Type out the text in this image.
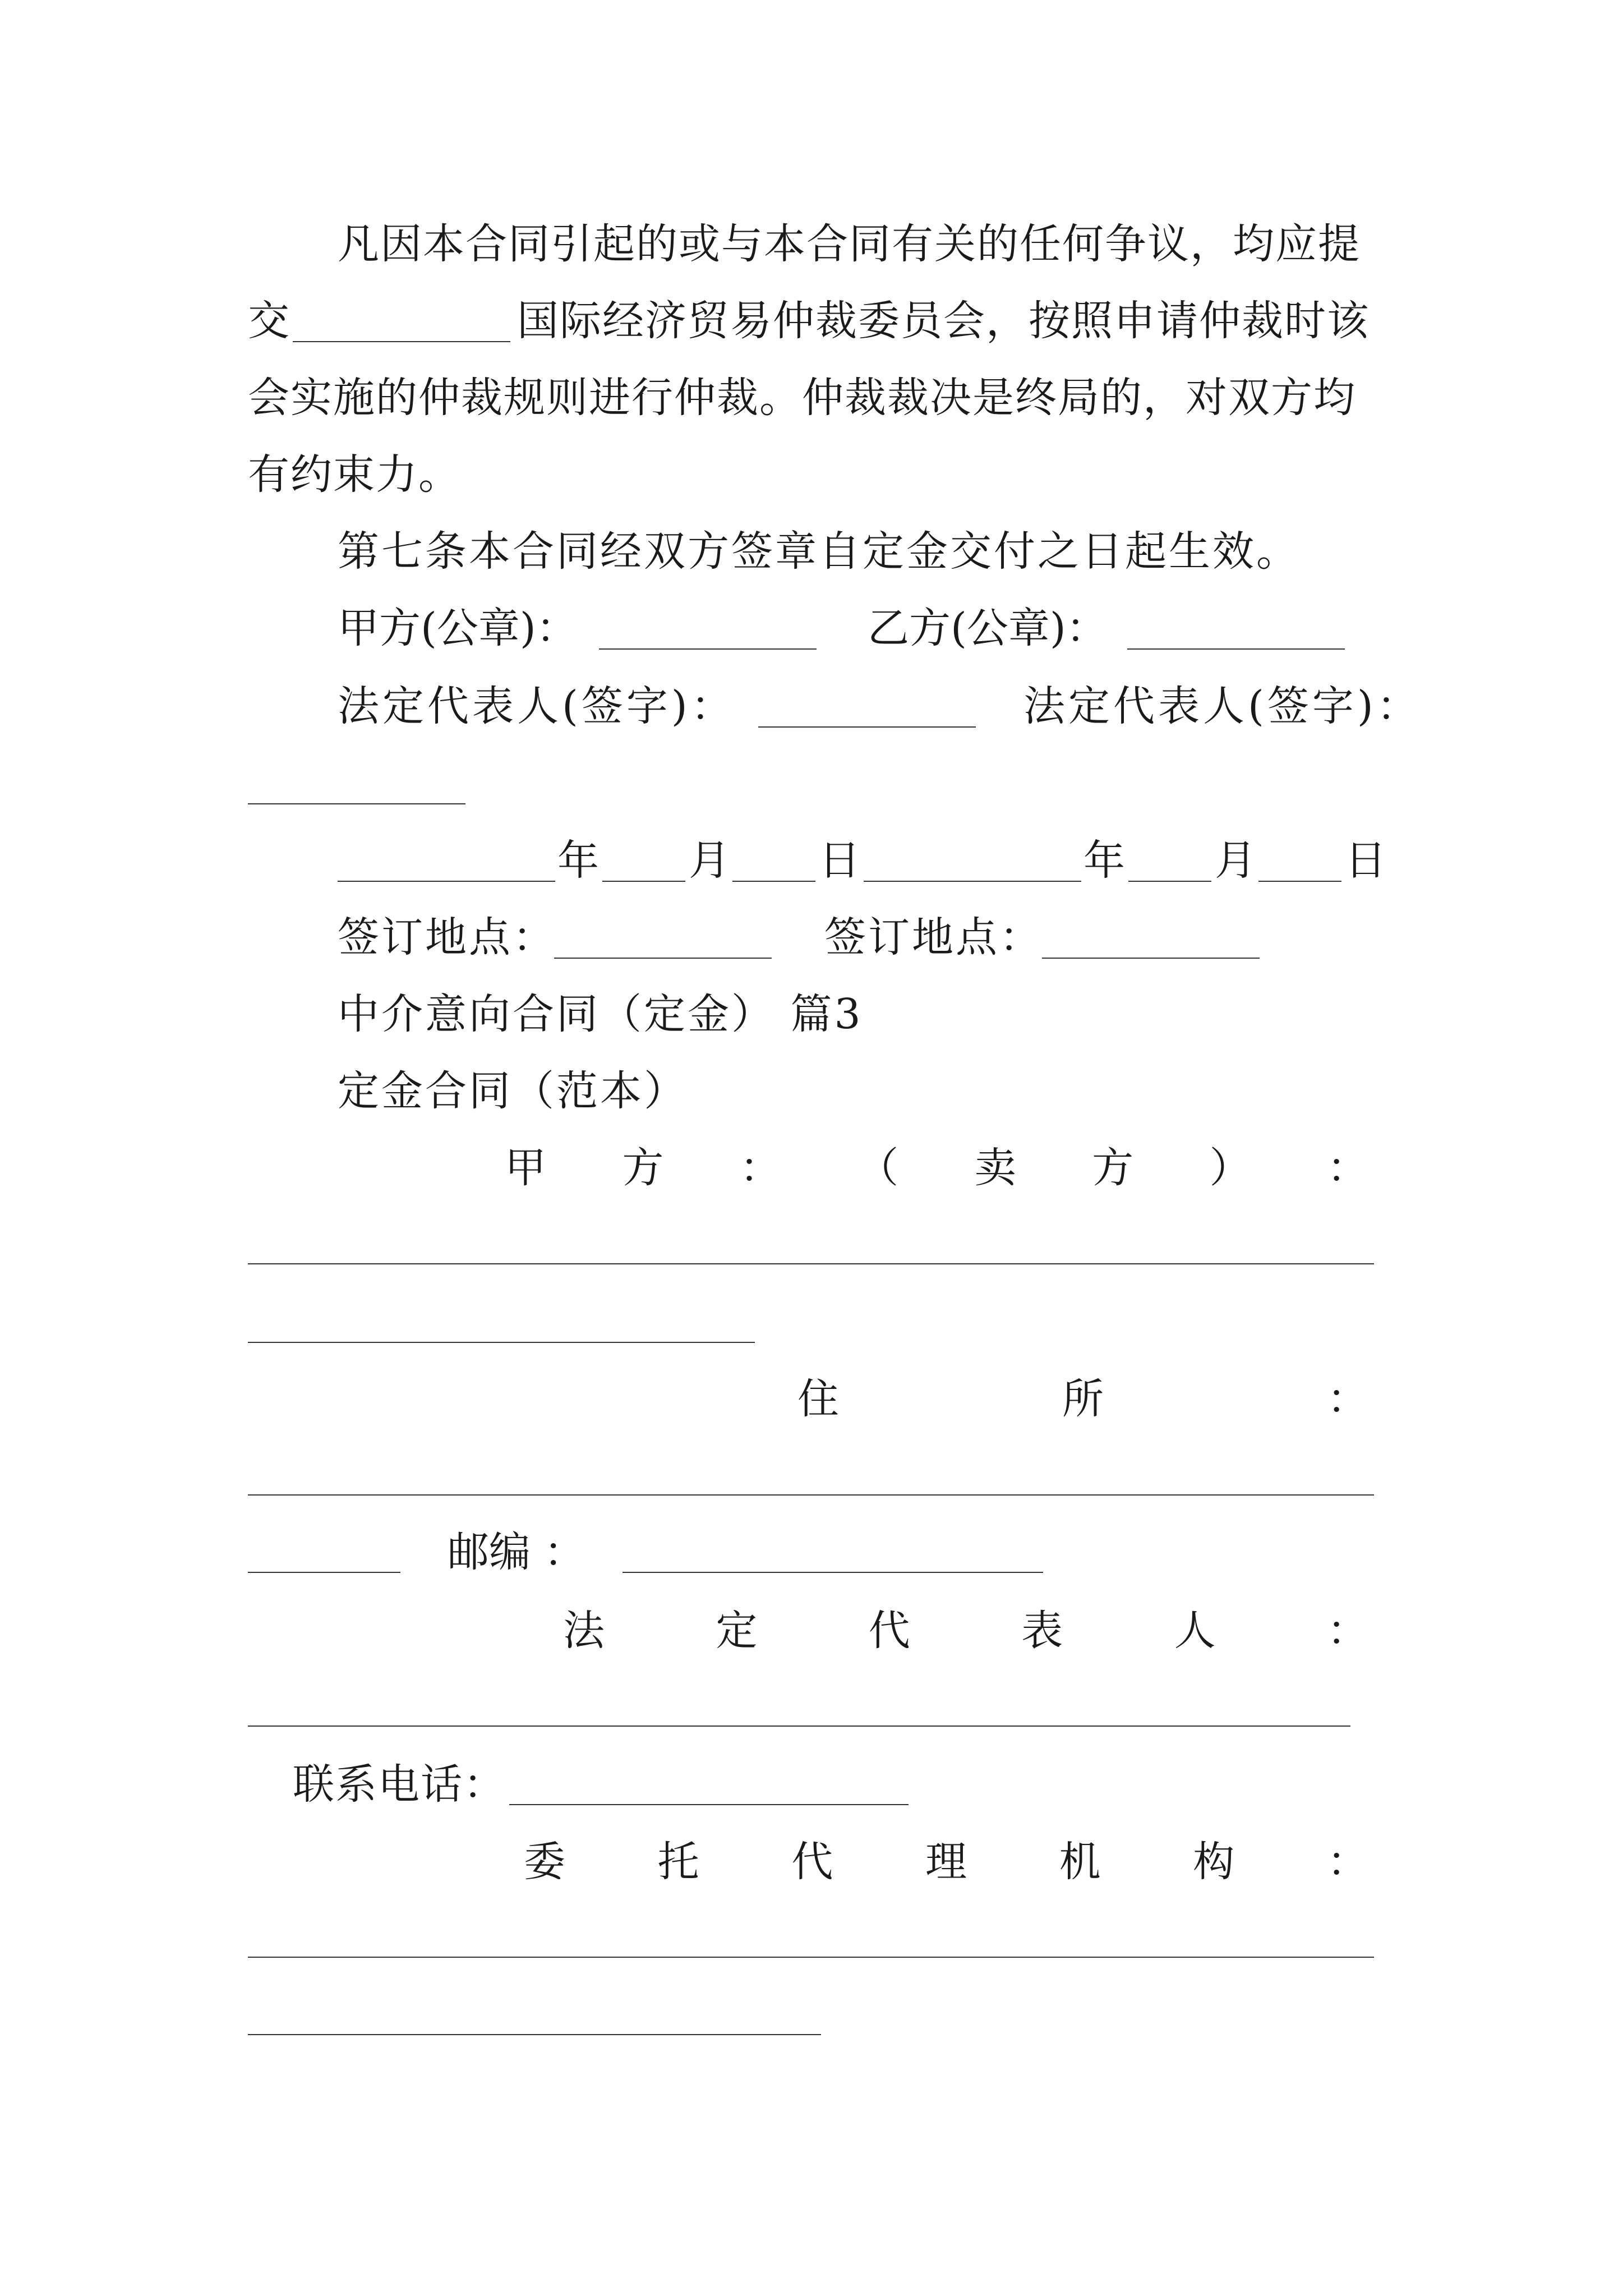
凡因本合同引起的或与本合同有关的任何争议，均应提
交	国际经济贸易仲裁委员会，按照申请仲裁时该
会实施的仲裁规则进行仲裁。仲裁裁决是终局的，对双方均
有约束力。
第七条本合同经双方签章自定金交付之日起生效。
甲方(公章)：	乙方(公章)：
法定代表人(签字)：	法定代表人(签字)：
年 月 日	年 月 日
签订地点：	签订地点：
中介意向合同（定金） 篇3
定金合同（范本）
甲 方 ： （ 卖 方 ） ：
住	所	：
邮编 ：
法	定	代	表	人	：
联系电话：
委 托 代 理 机 构 ：
